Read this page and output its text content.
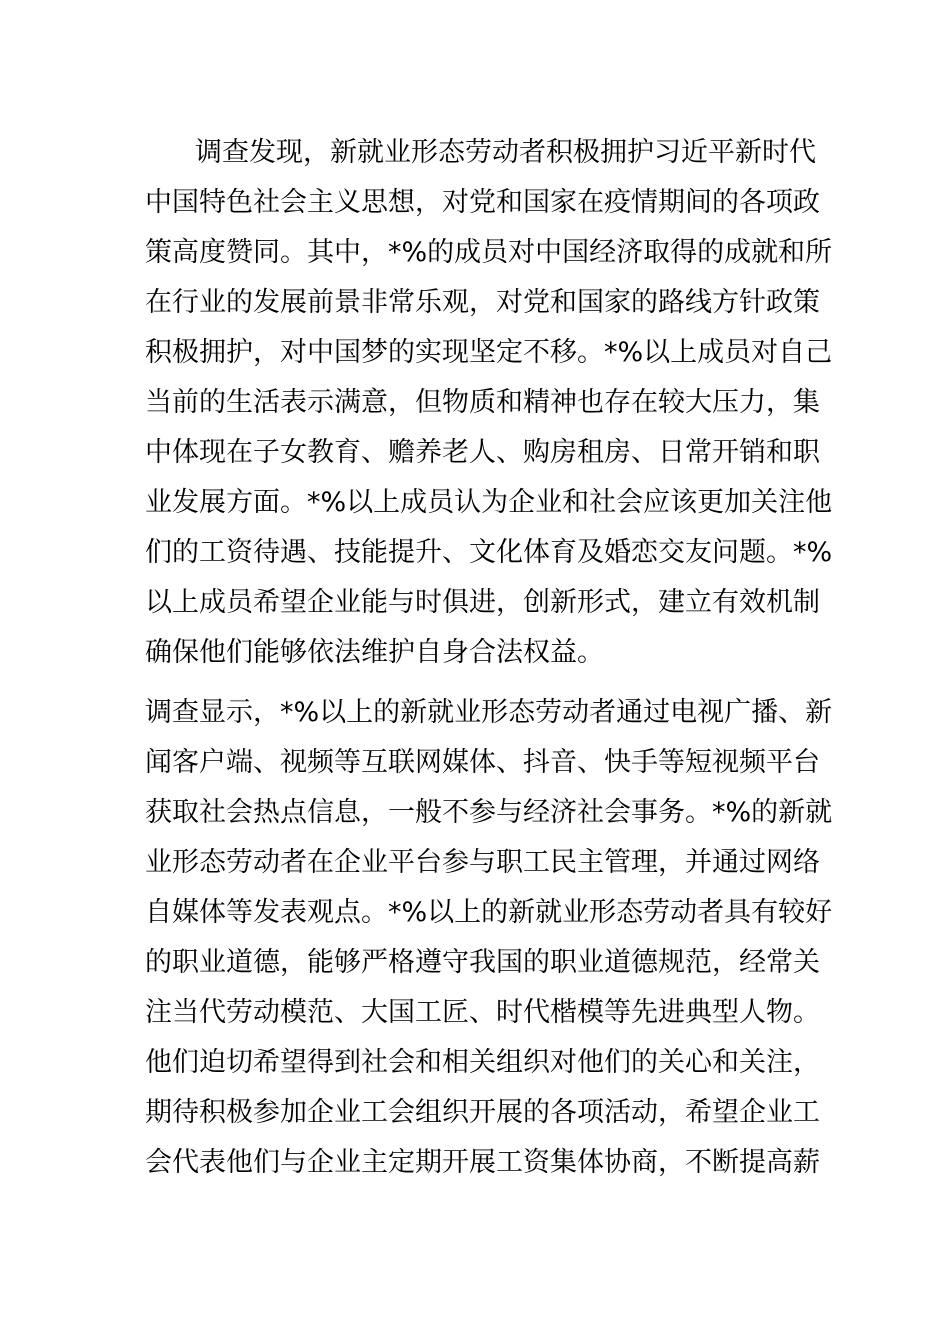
调查发现，新就业形态劳动者积极拥护习近平新时代
中国特色社会主义思想，对党和国家在疫情期间的各项政
策高度赞同。其中，*%的成员对中国经济取得的成就和所
在行业的发展前景非常乐观，对党和国家的路线方针政策
积极拥护，对中国梦的实现坚定不移。*%以上成员对自己
当前的生活表示满意，但物质和精神也存在较大压力，集
中体现在子女教育、赡养老人、购房租房、日常开销和职
业发展方面。*%以上成员认为企业和社会应该更加关注他
们的工资待遇、技能提升、文化体育及婚恋交友问题。*%
以上成员希望企业能与时俱进，创新形式，建立有效机制
确保他们能够依法维护自身合法权益。
调查显示，*%以上的新就业形态劳动者通过电视广播、新
闻客户端、视频等互联网媒体、抖音、快手等短视频平台
获取社会热点信息，一般不参与经济社会事务。*%的新就
业形态劳动者在企业平台参与职工民主管理，并通过网络
自媒体等发表观点。*%以上的新就业形态劳动者具有较好
的职业道德，能够严格遵守我国的职业道德规范，经常关
注当代劳动模范、大国工匠、时代楷模等先进典型人物。
他们迫切希望得到社会和相关组织对他们的关心和关注，
期待积极参加企业工会组织开展的各项活动，希望企业工
会代表他们与企业主定期开展工资集体协商，不断提高薪
